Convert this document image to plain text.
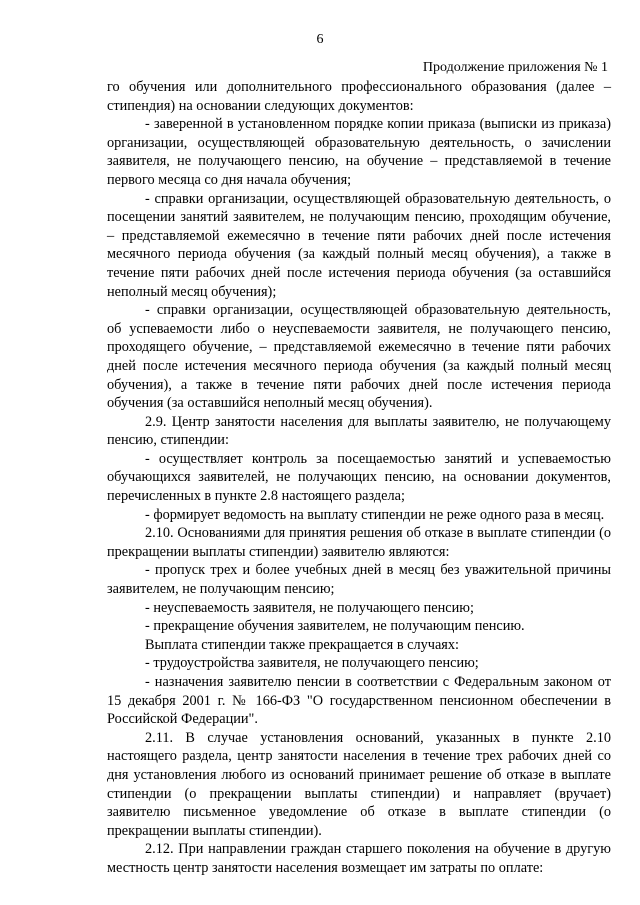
6
Продолжение приложения № 1

го обучения или дополнительного профессионального образования (далее – стипендия) на основании следующих документов:

- заверенной в установленном порядке копии приказа (выписки из приказа) организации, осуществляющей образовательную деятельность, о зачислении заявителя, не получающего пенсию, на обучение – представляемой в течение первого месяца со дня начала обучения;

- справки организации, осуществляющей образовательную деятельность, о посещении занятий заявителем, не получающим пенсию, проходящим обучение, – представляемой ежемесячно в течение пяти рабочих дней после истечения месячного периода обучения (за каждый полный месяц обучения), а также в течение пяти рабочих дней после истечения периода обучения (за оставшийся неполный месяц обучения);

- справки организации, осуществляющей образовательную деятельность, об успеваемости либо о неуспеваемости заявителя, не получающего пенсию, проходящего обучение, – представляемой ежемесячно в течение пяти рабочих дней после истечения месячного периода обучения (за каждый полный месяц обучения), а также в течение пяти рабочих дней после истечения периода обучения (за оставшийся неполный месяц обучения).

2.9. Центр занятости населения для выплаты заявителю, не получающему пенсию, стипендии:

- осуществляет контроль за посещаемостью занятий и успеваемостью обучающихся заявителей, не получающих пенсию, на основании документов, перечисленных в пункте 2.8 настоящего раздела;

- формирует ведомость на выплату стипендии не реже одного раза в месяц.

2.10. Основаниями для принятия решения об отказе в выплате стипендии (о прекращении выплаты стипендии) заявителю являются:

- пропуск трех и более учебных дней в месяц без уважительной причины заявителем, не получающим пенсию;

- неуспеваемость заявителя, не получающего пенсию;

- прекращение обучения заявителем, не получающим пенсию.

Выплата стипендии также прекращается в случаях:

- трудоустройства заявителя, не получающего пенсию;

- назначения заявителю пенсии в соответствии с Федеральным законом от 15 декабря 2001 г. № 166-ФЗ "О государственном пенсионном обеспечении в Российской Федерации".

2.11. В случае установления оснований, указанных в пункте 2.10 настоящего раздела, центр занятости населения в течение трех рабочих дней со дня установления любого из оснований принимает решение об отказе в выплате стипендии (о прекращении выплаты стипендии) и направляет (вручает) заявителю письменное уведомление об отказе в выплате стипендии (о прекращении выплаты стипендии).

2.12. При направлении граждан старшего поколения на обучение в другую местность центр занятости населения возмещает им затраты по оплате:
